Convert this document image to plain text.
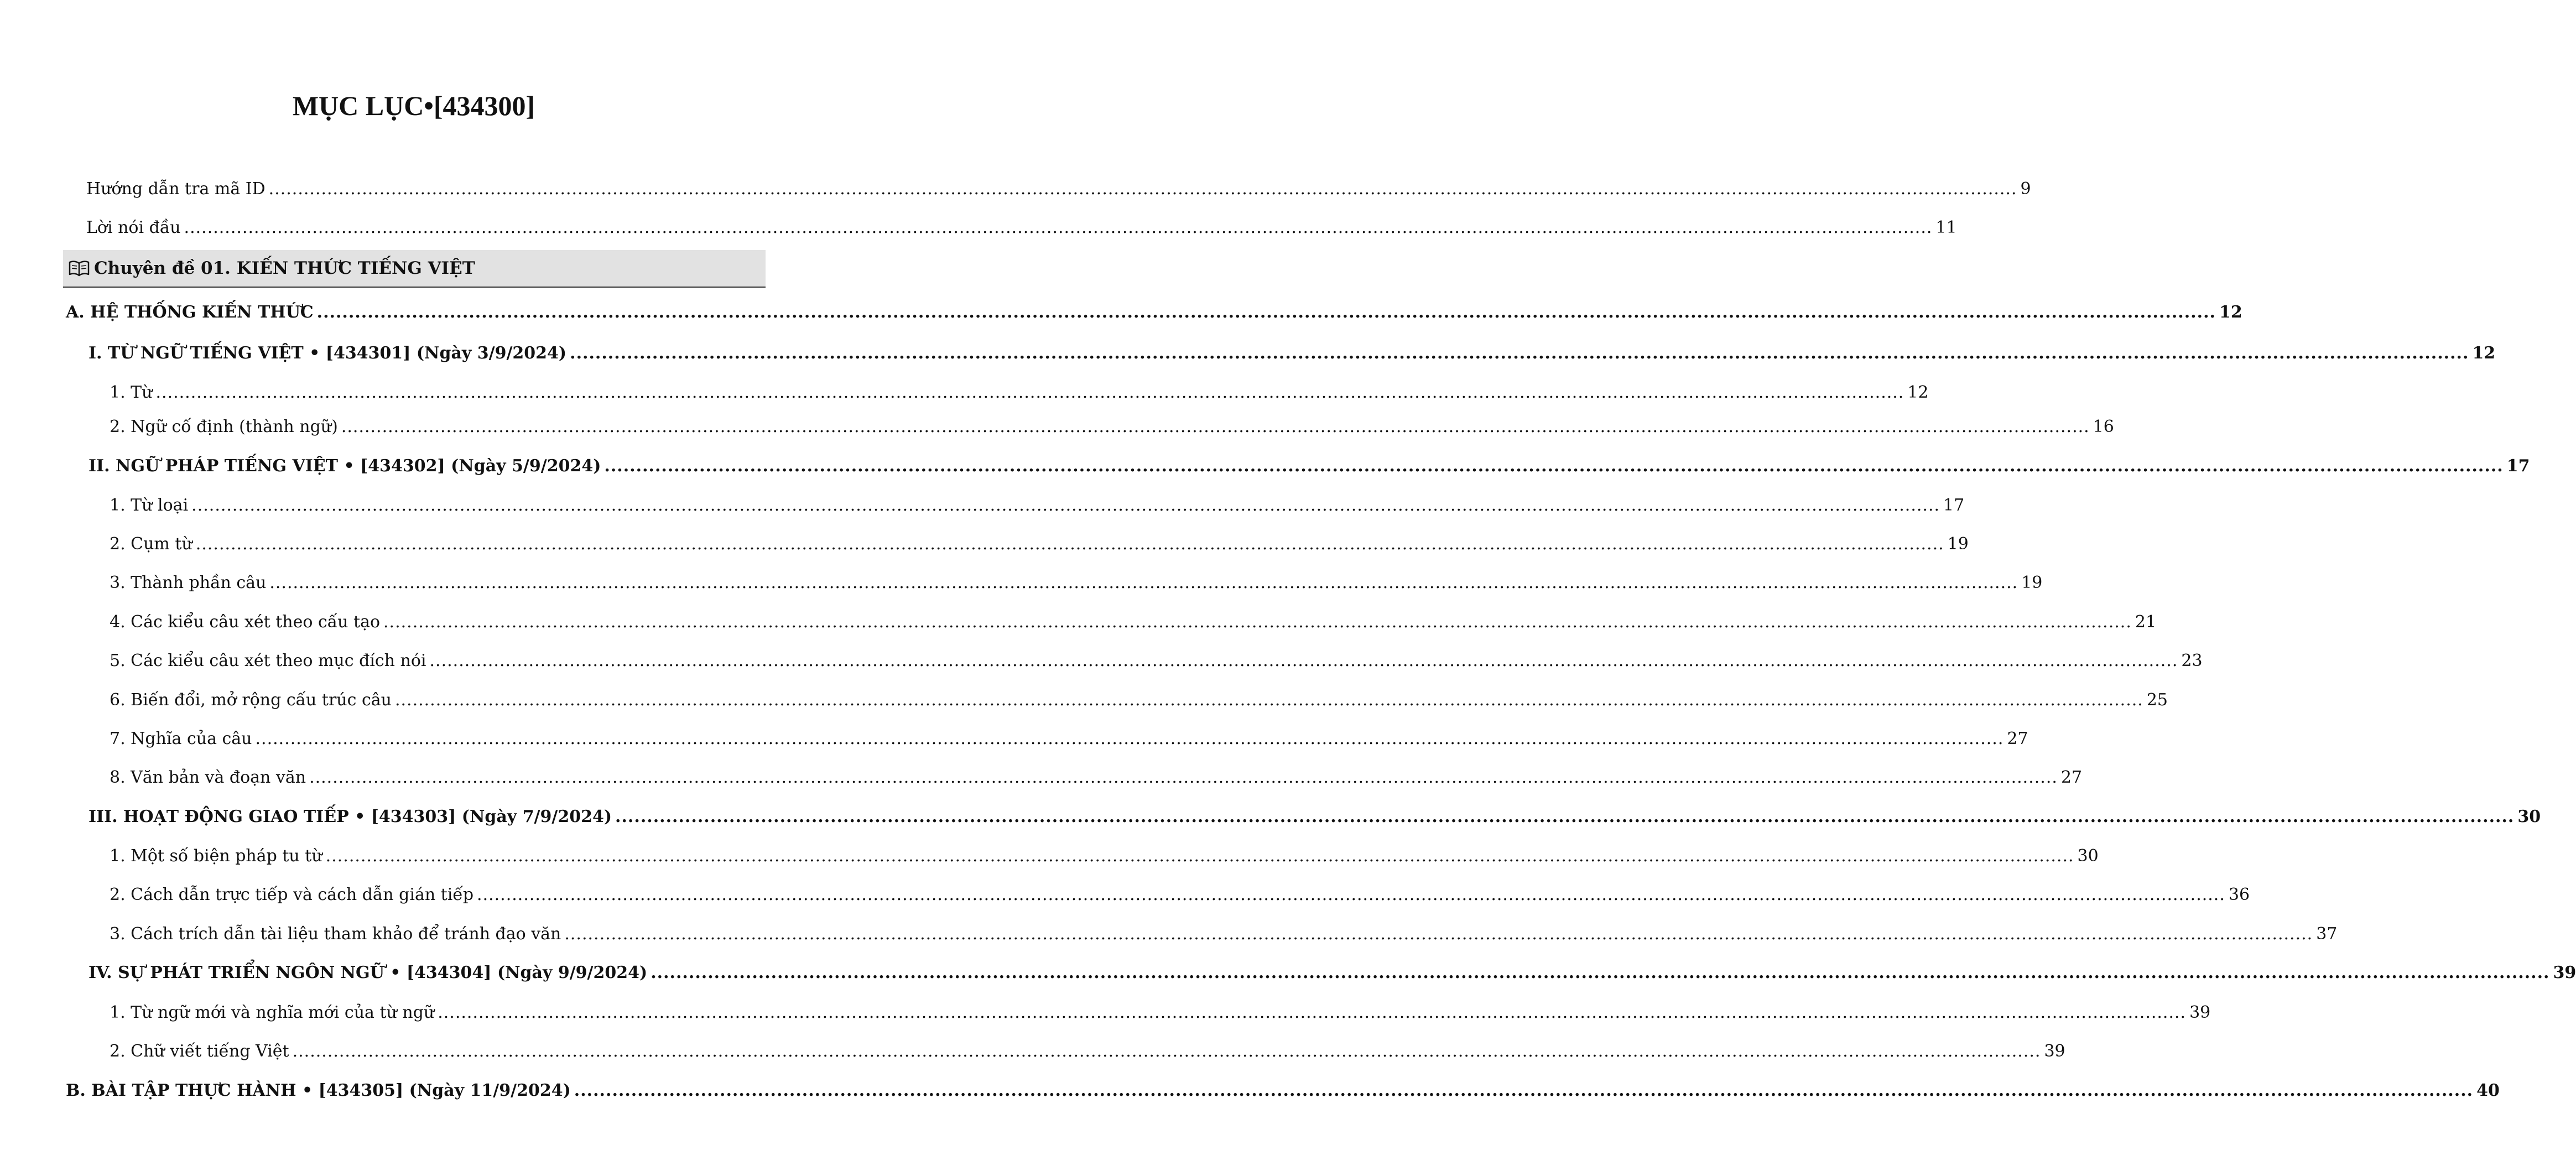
MỤC LỤC•[434300]
Hướng dẫn tra mã ID ............................................................................................................................................................................................................................................................................................................ 9
Lời nói đầu ............................................................................................................................................................................................................................................................................................................ 11
Chuyên đề 01. KIẾN THỨC TIẾNG VIỆT
A. HỆ THỐNG KIẾN THỨC ............................................................................................................................................................................................................................................................................................................ 12
I. TỪ NGỮ TIẾNG VIỆT • [434301] (Ngày 3/9/2024) ............................................................................................................................................................................................................................................................................................................ 12
1. Từ ............................................................................................................................................................................................................................................................................................................ 12
2. Ngữ cố định (thành ngữ) ............................................................................................................................................................................................................................................................................................................ 16
II. NGỮ PHÁP TIẾNG VIỆT • [434302] (Ngày 5/9/2024) ............................................................................................................................................................................................................................................................................................................ 17
1. Từ loại ............................................................................................................................................................................................................................................................................................................ 17
2. Cụm từ ............................................................................................................................................................................................................................................................................................................ 19
3. Thành phần câu ............................................................................................................................................................................................................................................................................................................ 19
4. Các kiểu câu xét theo cấu tạo ............................................................................................................................................................................................................................................................................................................ 21
5. Các kiểu câu xét theo mục đích nói ............................................................................................................................................................................................................................................................................................................ 23
6. Biến đổi, mở rộng cấu trúc câu ............................................................................................................................................................................................................................................................................................................ 25
7. Nghĩa của câu ............................................................................................................................................................................................................................................................................................................ 27
8. Văn bản và đoạn văn ............................................................................................................................................................................................................................................................................................................ 27
III. HOẠT ĐỘNG GIAO TIẾP • [434303] (Ngày 7/9/2024) ............................................................................................................................................................................................................................................................................................................ 30
1. Một số biện pháp tu từ ............................................................................................................................................................................................................................................................................................................ 30
2. Cách dẫn trực tiếp và cách dẫn gián tiếp ............................................................................................................................................................................................................................................................................................................ 36
3. Cách trích dẫn tài liệu tham khảo để tránh đạo văn ............................................................................................................................................................................................................................................................................................................ 37
IV. SỰ PHÁT TRIỂN NGÔN NGỮ • [434304] (Ngày 9/9/2024) ............................................................................................................................................................................................................................................................................................................ 39
1. Từ ngữ mới và nghĩa mới của từ ngữ ............................................................................................................................................................................................................................................................................................................ 39
2. Chữ viết tiếng Việt ............................................................................................................................................................................................................................................................................................................ 39
B. BÀI TẬP THỰC HÀNH • [434305] (Ngày 11/9/2024) ............................................................................................................................................................................................................................................................................................................ 40
